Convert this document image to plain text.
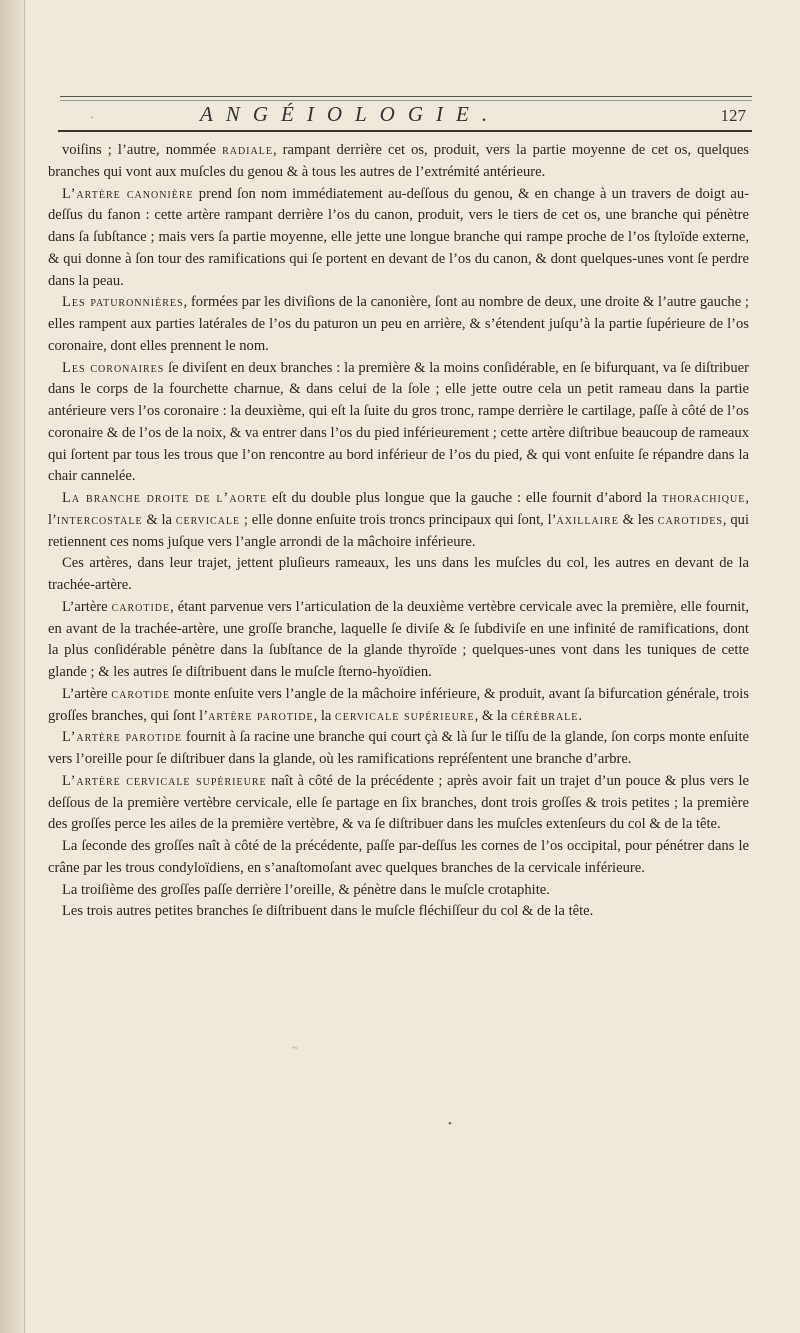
·	ANGÉIOLOGIE.	127

voiſins ; l’autre, nommée radiale, rampant derrière cet os, produit, vers la partie moyenne de cet os, quelques branches qui vont aux muſcles du genou & à tous les autres de l’extrémité antérieure.

L’artère canonière prend ſon nom immédiatement au-deſſous du genou, & en change à un travers de doigt au-deſſus du fanon : cette artère rampant derrière l’os du canon, produit, vers le tiers de cet os, une branche qui pénètre dans ſa ſubſtance ; mais vers ſa partie moyenne, elle jette une longue branche qui rampe proche de l’os ſtyloïde externe, & qui donne à ſon tour des ramifications qui ſe portent en devant de l’os du canon, & dont quelques-unes vont ſe perdre dans la peau.

Les paturonnières, formées par les diviſions de la canonière, ſont au nombre de deux, une droite & l’autre gauche ; elles rampent aux parties latérales de l’os du paturon un peu en arrière, & s’étendent juſqu’à la partie ſupérieure de l’os coronaire, dont elles prennent le nom.

Les coronaires ſe diviſent en deux branches : la première & la moins conſidérable, en ſe bifurquant, va ſe diſtribuer dans le corps de la fourchette charnue, & dans celui de la ſole ; elle jette outre cela un petit rameau dans la partie antérieure vers l’os coronaire : la deuxième, qui eſt la ſuite du gros tronc, rampe derrière le cartilage, paſſe à côté de l’os coronaire & de l’os de la noix, & va entrer dans l’os du pied inférieurement ; cette artère diſtribue beaucoup de rameaux qui ſortent par tous les trous que l’on rencontre au bord inférieur de l’os du pied, & qui vont enſuite ſe répandre dans la chair cannelée.

La branche droite de l’aorte eſt du double plus longue que la gauche : elle fournit d’abord la thorachique, l’intercostale & la cervicale ; elle donne enſuite trois troncs principaux qui ſont, l’axillaire & les carotides, qui retiennent ces noms juſque vers l’angle arrondi de la mâchoire inférieure.

Ces artères, dans leur trajet, jettent pluſieurs rameaux, les uns dans les muſcles du col, les autres en devant de la trachée-artère.

L’artère carotide, étant parvenue vers l’articulation de la deuxième vertèbre cervicale avec la première, elle fournit, en avant de la trachée-artère, une groſſe branche, laquelle ſe diviſe & ſe ſubdiviſe en une infinité de ramifications, dont la plus conſidérable pénètre dans la ſubſtance de la glande thyroïde ; quelques-unes vont dans les tuniques de cette glande ; & les autres ſe diſtribuent dans le muſcle ſterno-hyoïdien.

L’artère carotide monte enſuite vers l’angle de la mâchoire inférieure, & produit, avant ſa bifurcation générale, trois groſſes branches, qui ſont l’artère parotide, la cervicale supérieure, & la cérébrale.

L’artère parotide fournit à ſa racine une branche qui court çà & là ſur le tiſſu de la glande, ſon corps monte enſuite vers l’oreille pour ſe diſtribuer dans la glande, où les ramifications repréſentent une branche d’arbre.

L’artère cervicale supérieure naît à côté de la précédente ; après avoir fait un trajet d’un pouce & plus vers le deſſous de la première vertèbre cervicale, elle ſe partage en ſix branches, dont trois groſſes & trois petites ; la première des groſſes perce les ailes de la première vertèbre, & va ſe diſtribuer dans les muſcles extenſeurs du col & de la tête.

La ſeconde des groſſes naît à côté de la précédente, paſſe par-deſſus les cornes de l’os occipital, pour pénétrer dans le crâne par les trous condyloïdiens, en s’anaſtomoſant avec quelques branches de la cervicale inférieure.

La troiſième des groſſes paſſe derrière l’oreille, & pénètre dans le muſcle crotaphite.

Les trois autres petites branches ſe diſtribuent dans le muſcle fléchiſſeur du col & de la tête.

~
•
